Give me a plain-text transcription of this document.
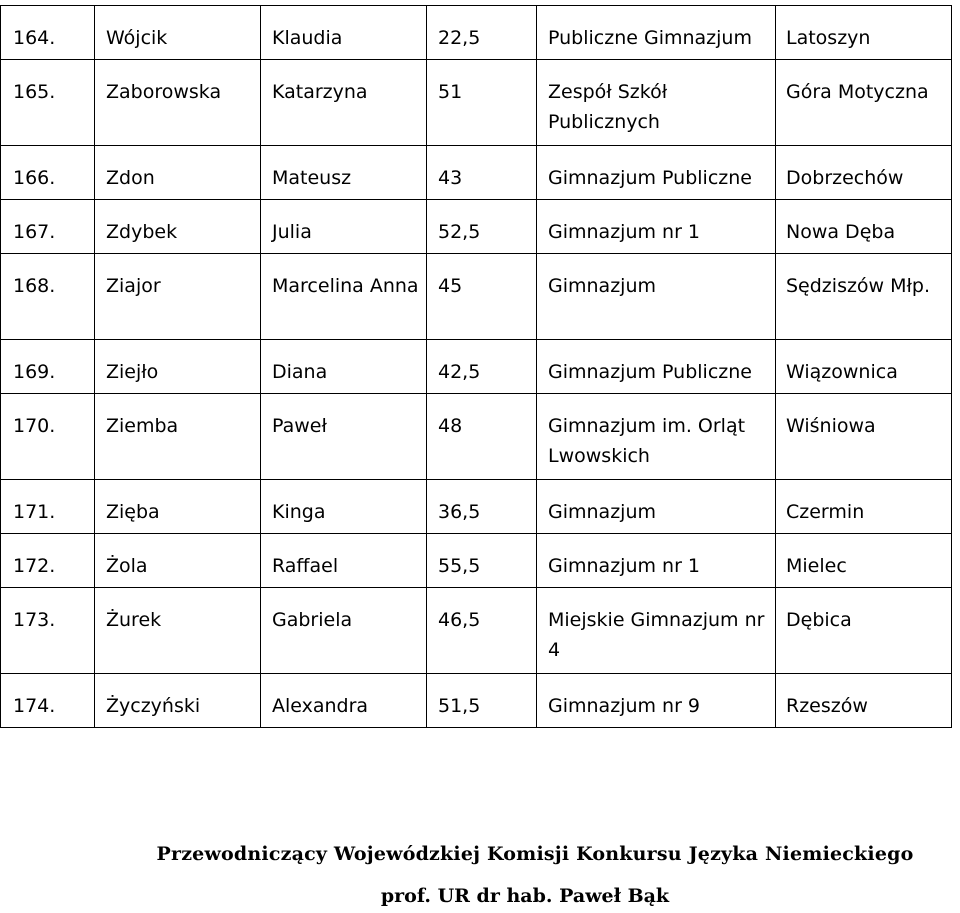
164.	Wójcik	Klaudia	22,5	Publiczne Gimnazjum	Latoszyn
165.	Zaborowska	Katarzyna	51	Zespół Szkół Publicznych	Góra Motyczna
166.	Zdon	Mateusz	43	Gimnazjum Publiczne	Dobrzechów
167.	Zdybek	Julia	52,5	Gimnazjum nr 1	Nowa Dęba
168.	Ziajor	Marcelina Anna	45	Gimnazjum	Sędziszów Młp.
169.	Ziejło	Diana	42,5	Gimnazjum Publiczne	Wiązownica
170.	Ziemba	Paweł	48	Gimnazjum im. Orląt Lwowskich	Wiśniowa
171.	Zięba	Kinga	36,5	Gimnazjum	Czermin
172.	Żola	Raffael	55,5	Gimnazjum nr 1	Mielec
173.	Żurek	Gabriela	46,5	Miejskie Gimnazjum nr 4	Dębica
174.	Życzyński	Alexandra	51,5	Gimnazjum nr 9	Rzeszów
Przewodniczący Wojewódzkiej Komisji Konkursu Języka Niemieckiego
prof. UR dr hab. Paweł Bąk
